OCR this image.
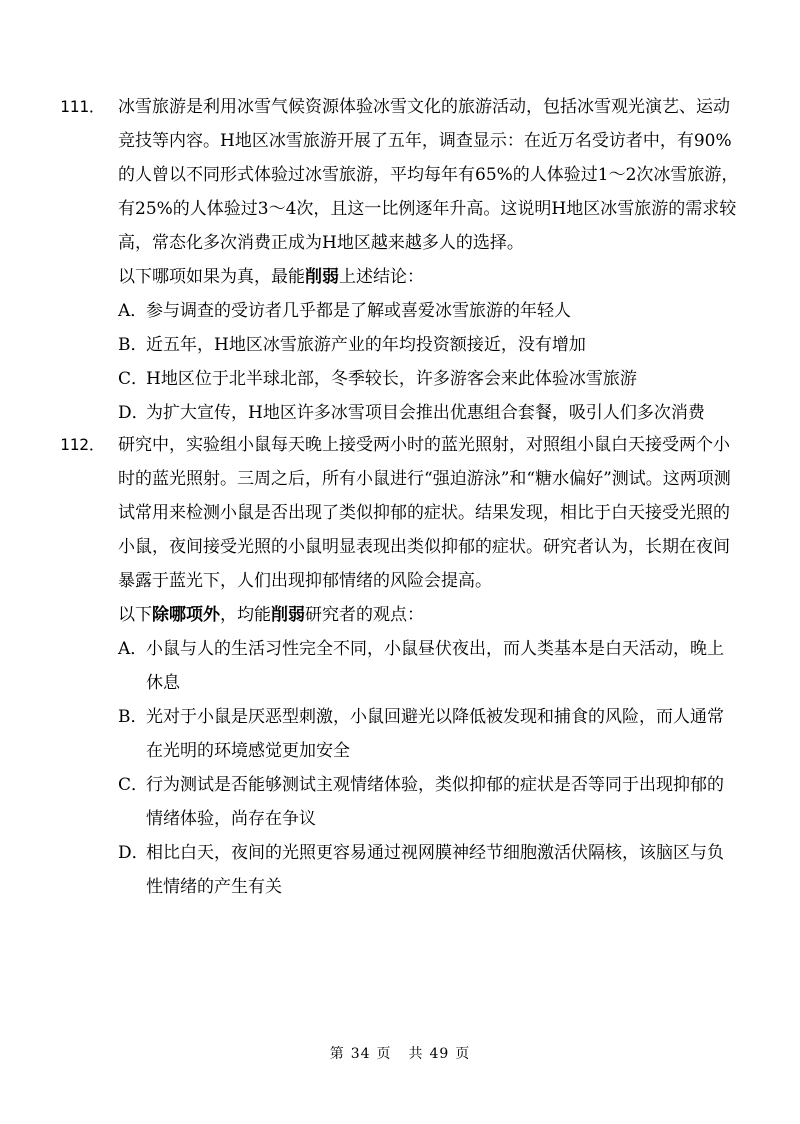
111． 冰雪旅游是利用冰雪气候资源体验冰雪文化的旅游活动，包括冰雪观光演艺、运动竞技等内容。H地区冰雪旅游开展了五年，调查显示：在近万名受访者中，有90%的人曾以不同形式体验过冰雪旅游，平均每年有65%的人体验过1～2次冰雪旅游，有25%的人体验过3～4次，且这一比例逐年升高。这说明H地区冰雪旅游的需求较高，常态化多次消费正成为H地区越来越多人的选择。
以下哪项如果为真，最能削弱上述结论：
A．
参与调查的受访者几乎都是了解或喜爱冰雪旅游的年轻人
B．
近五年，H地区冰雪旅游产业的年均投资额接近，没有增加
C．
H地区位于北半球北部，冬季较长，许多游客会来此体验冰雪旅游
D．
为扩大宣传，H地区许多冰雪项目会推出优惠组合套餐，吸引人们多次消费
112． 研究中，实验组小鼠每天晚上接受两小时的蓝光照射，对照组小鼠白天接受两个小时的蓝光照射。三周之后，所有小鼠进行“强迫游泳”和“糖水偏好”测试。这两项测试常用来检测小鼠是否出现了类似抑郁的症状。结果发现，相比于白天接受光照的小鼠，夜间接受光照的小鼠明显表现出类似抑郁的症状。研究者认为，长期在夜间暴露于蓝光下，人们出现抑郁情绪的风险会提高。
以下除哪项外，均能削弱研究者的观点：
A．
小鼠与人的生活习性完全不同，小鼠昼伏夜出，而人类基本是白天活动，晚上休息
B．
光对于小鼠是厌恶型刺激，小鼠回避光以降低被发现和捕食的风险，而人通常在光明的环境感觉更加安全
C．
行为测试是否能够测试主观情绪体验，类似抑郁的症状是否等同于出现抑郁的情绪体验，尚存在争议
D．
相比白天，夜间的光照更容易通过视网膜神经节细胞激活伏隔核，该脑区与负性情绪的产生有关
第 34 页 共 49 页
